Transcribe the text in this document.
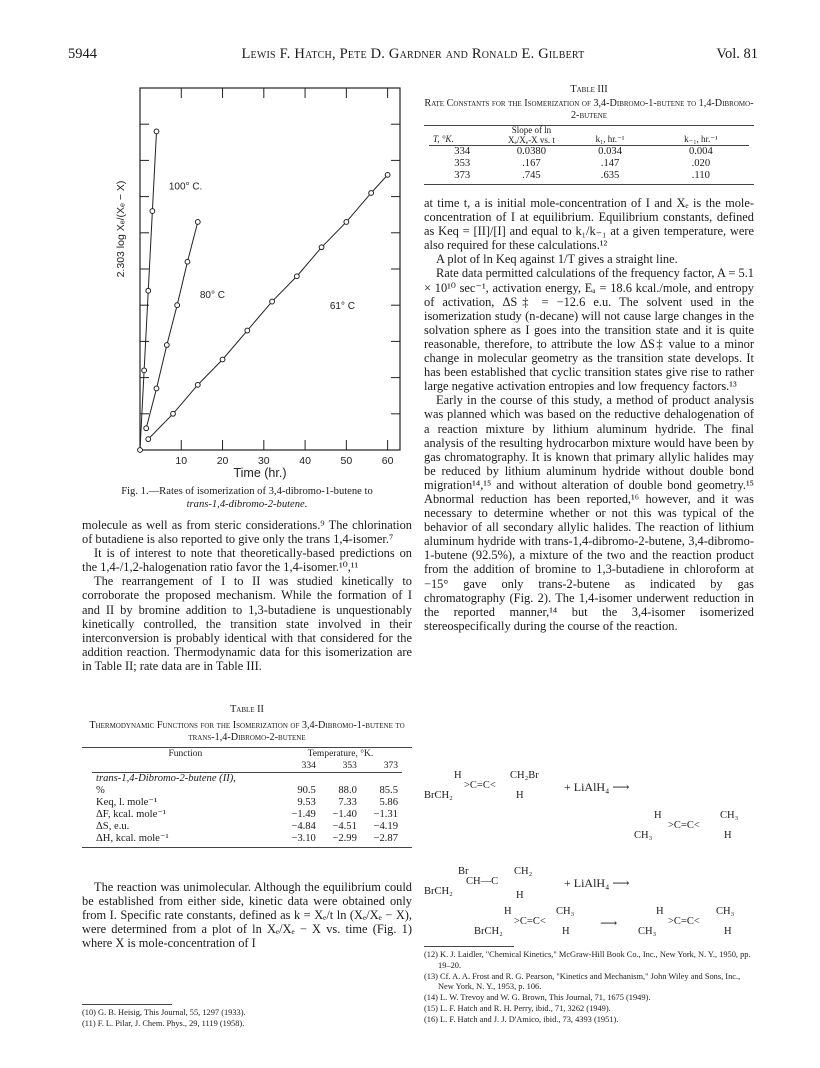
5944	Lewis F. Hatch, Pete D. Gardner and Ronald E. Gilbert	Vol. 81
10	20	30	40	50	60
Time (hr.)
2.303 log Xₑ/(Xₑ − X)	100° C.
80° C
61° C
Fig. 1.—Rates of isomerization of 3,4-dibromo-1-butene to
trans-1,4-dibromo-2-butene.

molecule as well as from steric considerations.⁹ The chlorination of butadiene is also reported to give only the trans 1,4-isomer.⁷

It is of interest to note that theoretically-based predictions on the 1,4-/1,2-halogenation ratio favor the 1,4-isomer.¹⁰,¹¹

The rearrangement of I to II was studied kinetically to corroborate the proposed mechanism. While the formation of I and II by bromine addition to 1,3-butadiene is unquestionably kinetically controlled, the transition state involved in their interconversion is probably identical with that considered for the addition reaction. Thermodynamic data for this isomerization are in Table II; rate data are in Table III.

Table II
Thermodynamic Functions for the Isomerization of 3,4-Dibromo-1-butene to trans-1,4-Dibromo-2-butene
Function	Temperature, °K.		
	334	353	373

trans-1,4-Dibromo-2-butene (II),			
%	90.5	88.0	85.5
Keq, l. mole⁻¹	9.53	7.33	5.86
ΔF, kcal. mole⁻¹	−1.49	−1.40	−1.31
ΔS, e.u.	−4.84	−4.51	−4.19
ΔH, kcal. mole⁻¹	−3.10	−2.99	−2.87

The reaction was unimolecular. Although the equilibrium could be established from either side, kinetic data were obtained only from I. Specific rate constants, defined as k = Xₑ/t ln (Xₑ/Xₑ − X), were determined from a plot of ln Xₑ/Xₑ − X vs. time (Fig. 1) where X is mole-concentration of I

(10) G. B. Heisig, This Journal, 55, 1297 (1933).
(11) F. L. Pilar, J. Chem. Phys., 29, 1119 (1958).
Table III
Rate Constants for the Isomerization of 3,4-Dibromo-1-butene to 1,4-Dibromo-2-butene
T, °K.	Slope of ln Xₑ/Xₑ-X vs. t	k₁, hr.⁻¹	k₋₁, hr.⁻¹

334	0.0380	0.034	0.004
353	.167	.147	.020
373	.745	.635	.110

at time t, a is initial mole-concentration of I and Xₑ is the mole-concentration of I at equilibrium. Equilibrium constants, defined as Keq = [II]/[I] and equal to k₁/k₋₁ at a given temperature, were also required for these calculations.¹²

A plot of ln Keq against 1/T gives a straight line.

Rate data permitted calculations of the frequency factor, A = 5.1 × 10¹⁰ sec⁻¹, activation energy, Eₐ = 18.6 kcal./mole, and entropy of activation, ΔS‡ = −12.6 e.u. The solvent used in the isomerization study (n-decane) will not cause large changes in the solvation sphere as I goes into the transition state and it is quite reasonable, therefore, to attribute the low ΔS‡ value to a minor change in molecular geometry as the transition state develops. It has been established that cyclic transition states give rise to rather large negative activation entropies and low frequency factors.¹³

Early in the course of this study, a method of product analysis was planned which was based on the reductive dehalogenation of a reaction mixture by lithium aluminum hydride. The final analysis of the resulting hydrocarbon mixture would have been by gas chromatography. It is known that primary allylic halides may be reduced by lithium aluminum hydride without double bond migration¹⁴,¹⁵ and without alteration of double bond geometry.¹⁵ Abnormal reduction has been reported,¹⁶ however, and it was necessary to determine whether or not this was typical of the behavior of all secondary allylic halides. The reaction of lithium aluminum hydride with trans-1,4-dibromo-2-butene, 3,4-dibromo-1-butene (92.5%), a mixture of the two and the reaction product from the addition of bromine to 1,3-butadiene in chloroform at −15° gave only trans-2-butene as indicated by gas chromatography (Fig. 2). The 1,4-isomer underwent reduction in the reported manner,¹⁴ but the 3,4-isomer isomerized stereospecifically during the course of the reaction.

H	CH₂Br
>C=C<
BrCH₂	H
+ LiAlH₄ ⟶
H	CH₃
>C=C<
CH₃	H
Br	CH₂
CH—C
BrCH₂	H
+ LiAlH₄ ⟶
H	CH₃
>C=C<
BrCH₂	H
⟶
H	CH₃
>C=C<
CH₃	H
(12) K. J. Laidler, "Chemical Kinetics," McGraw-Hill Book Co., Inc., New York, N. Y., 1950, pp. 19–20.
(13) Cf. A. A. Frost and R. G. Pearson, "Kinetics and Mechanism," John Wiley and Sons, Inc., New York, N. Y., 1953, p. 106.
(14) L. W. Trevoy and W. G. Brown, This Journal, 71, 1675 (1949).
(15) L. F. Hatch and R. H. Perry, ibid., 71, 3262 (1949).
(16) L. F. Hatch and J. J. D'Amico, ibid., 73, 4393 (1951).
